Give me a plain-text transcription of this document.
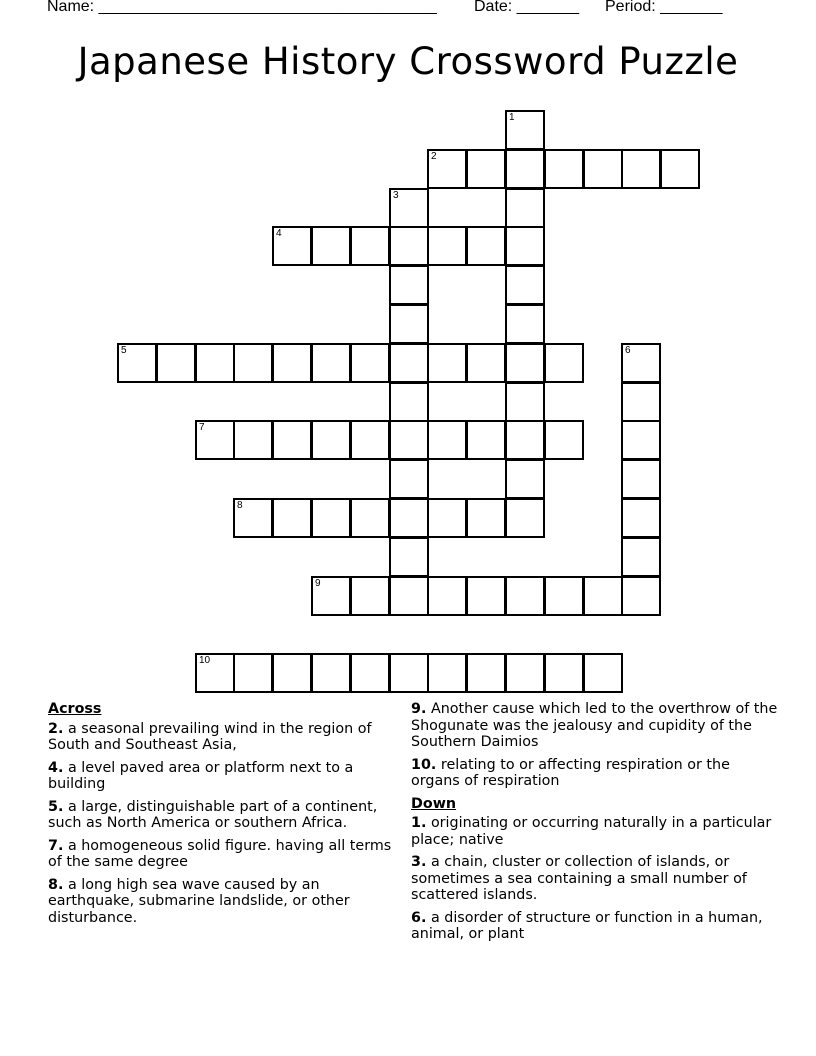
Name: ______________________________________ Date: _______ Period: _______
Japanese History Crossword Puzzle
1
2
3
4
5	6
7
8
9
10
Across
2. a seasonal prevailing wind in the region of South and Southeast Asia,
4. a level paved area or platform next to a building
5. a large, distinguishable part of a continent, such as North America or southern Africa.
7. a homogeneous solid figure. having all terms of the same degree
8. a long high sea wave caused by an earthquake, submarine landslide, or other disturbance.
9. Another cause which led to the overthrow of the Shogunate was the jealousy and cupidity of the Southern Daimios
10. relating to or affecting respiration or the organs of respiration
Down
1. originating or occurring naturally in a particular place; native
3. a chain, cluster or collection of islands, or sometimes a sea containing a small number of scattered islands.
6. a disorder of structure or function in a human, animal, or plant
